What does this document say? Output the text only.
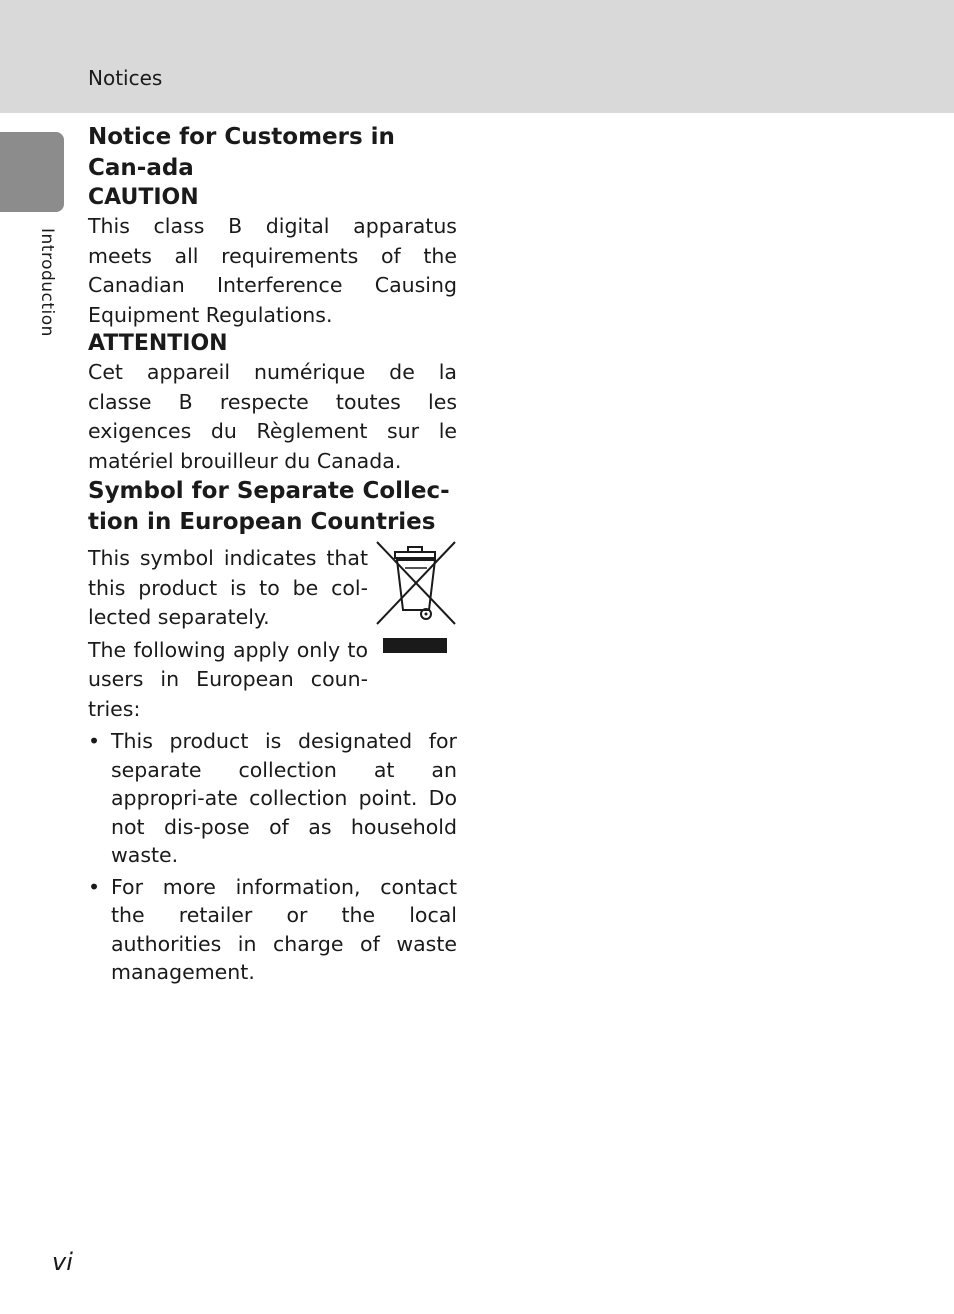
Notices
Introduction
Notice for Customers in Can-ada
CAUTION

This class B digital apparatus meets all requirements of the Canadian Interference Causing Equipment Regulations.

ATTENTION

Cet appareil numérique de la classe B respecte toutes les exigences du Règlement sur le matériel brouilleur du Canada.

Symbol for Separate Collec-tion in European Countries

This symbol indicates that this product is to be col-lected separately.

The following apply only to users in European coun-tries:

• This product is designated for separate collection at an appropri-ate collection point. Do not dis-pose of as household waste.
• For more information, contact the retailer or the local authorities in charge of waste management.
vi
